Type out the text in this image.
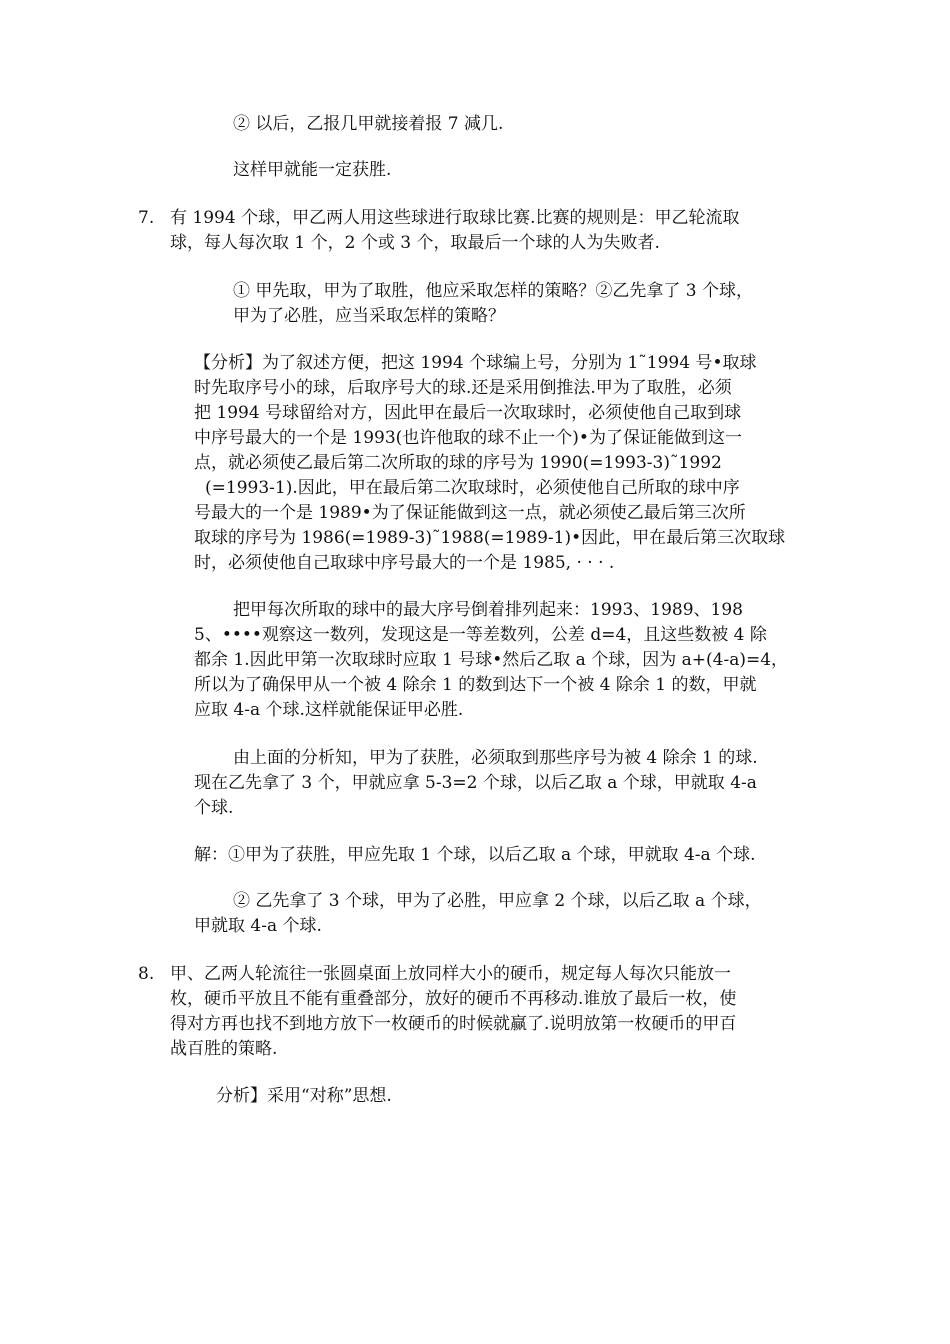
② 以后，乙报几甲就接着报 7 减几.
这样甲就能一定获胜.
7. 有 1994 个球，甲乙两人用这些球进行取球比赛.比赛的规则是：甲乙轮流取
球，每人每次取 1 个，2 个或 3 个，取最后一个球的人为失败者.
① 甲先取，甲为了取胜，他应采取怎样的策略？②乙先拿了 3 个球，
甲为了必胜，应当采取怎样的策略？
【分析】为了叙述方便，把这 1994 个球编上号，分别为 1˜1994 号•取球
时先取序号小的球，后取序号大的球.还是采用倒推法.甲为了取胜，必须
把 1994 号球留给对方，因此甲在最后一次取球时，必须使他自己取到球
中序号最大的一个是 1993(也许他取的球不止一个)•为了保证能做到这一
点，就必须使乙最后第二次所取的球的序号为 1990(=1993-3)˜1992
(=1993-1).因此，甲在最后第二次取球时，必须使他自己所取的球中序
号最大的一个是 1989•为了保证能做到这一点，就必须使乙最后第三次所
取球的序号为 1986(=1989-3)˜1988(=1989-1)•因此，甲在最后第三次取球
时，必须使他自己取球中序号最大的一个是 1985, · · · .
把甲每次所取的球中的最大序号倒着排列起来：1993、1989、198
5、••••观察这一数列，发现这是一等差数列，公差 d=4，且这些数被 4 除
都余 1.因此甲第一次取球时应取 1 号球•然后乙取 a 个球，因为 a+(4-a)=4，
所以为了确保甲从一个被 4 除余 1 的数到达下一个被 4 除余 1 的数，甲就
应取 4-a 个球.这样就能保证甲必胜.
由上面的分析知，甲为了获胜，必须取到那些序号为被 4 除余 1 的球.
现在乙先拿了 3 个，甲就应拿 5-3=2 个球，以后乙取 a 个球，甲就取 4-a
个球.
解：①甲为了获胜，甲应先取 1 个球，以后乙取 a 个球，甲就取 4-a 个球.
② 乙先拿了 3 个球，甲为了必胜，甲应拿 2 个球，以后乙取 a 个球，
甲就取 4-a 个球.
8. 甲、乙两人轮流往一张圆桌面上放同样大小的硬币，规定每人每次只能放一
枚，硬币平放且不能有重叠部分，放好的硬币不再移动.谁放了最后一枚，使
得对方再也找不到地方放下一枚硬币的时候就赢了.说明放第一枚硬币的甲百
战百胜的策略.
分析】采用“对称”思想.
